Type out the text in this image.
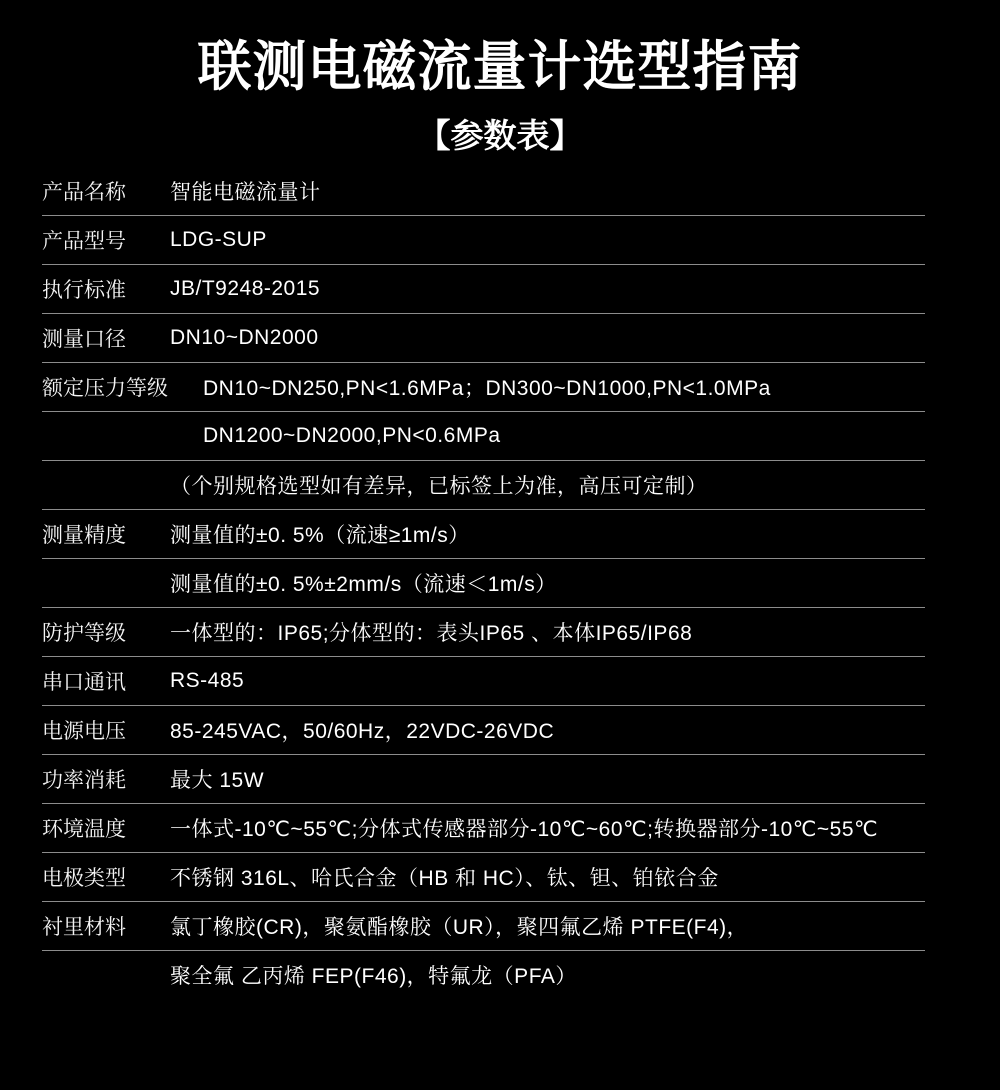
联测电磁流量计选型指南
【参数表】
产品名称	智能电磁流量计
产品型号	LDG-SUP
执行标准	JB/T9248-2015
测量口径	DN10~DN2000
额定压力等级	DN10~DN250,PN<1.6MPa；DN300~DN1000,PN<1.0MPa
DN1200~DN2000,PN<0.6MPa
（个别规格选型如有差异，已标签上为准，高压可定制）
测量精度	测量值的±0. 5%（流速≥1m/s）
测量值的±0. 5%±2mm/s（流速＜1m/s）
防护等级	一体型的：IP65;分体型的：表头IP65 、本体IP65/IP68
串口通讯	RS-485
电源电压	85-245VAC，50/60Hz，22VDC-26VDC
功率消耗	最大 15W
环境温度	一体式-10℃~55℃;分体式传感器部分-10℃~60℃;转换器部分-10℃~55℃
电极类型	不锈钢 316L、哈氏合金（HB 和 HC）、钛、钽、铂铱合金
衬里材料	氯丁橡胶(CR)，聚氨酯橡胶（UR），聚四氟乙烯 PTFE(F4)，
聚全氟 乙丙烯 FEP(F46)，特氟龙（PFA）
